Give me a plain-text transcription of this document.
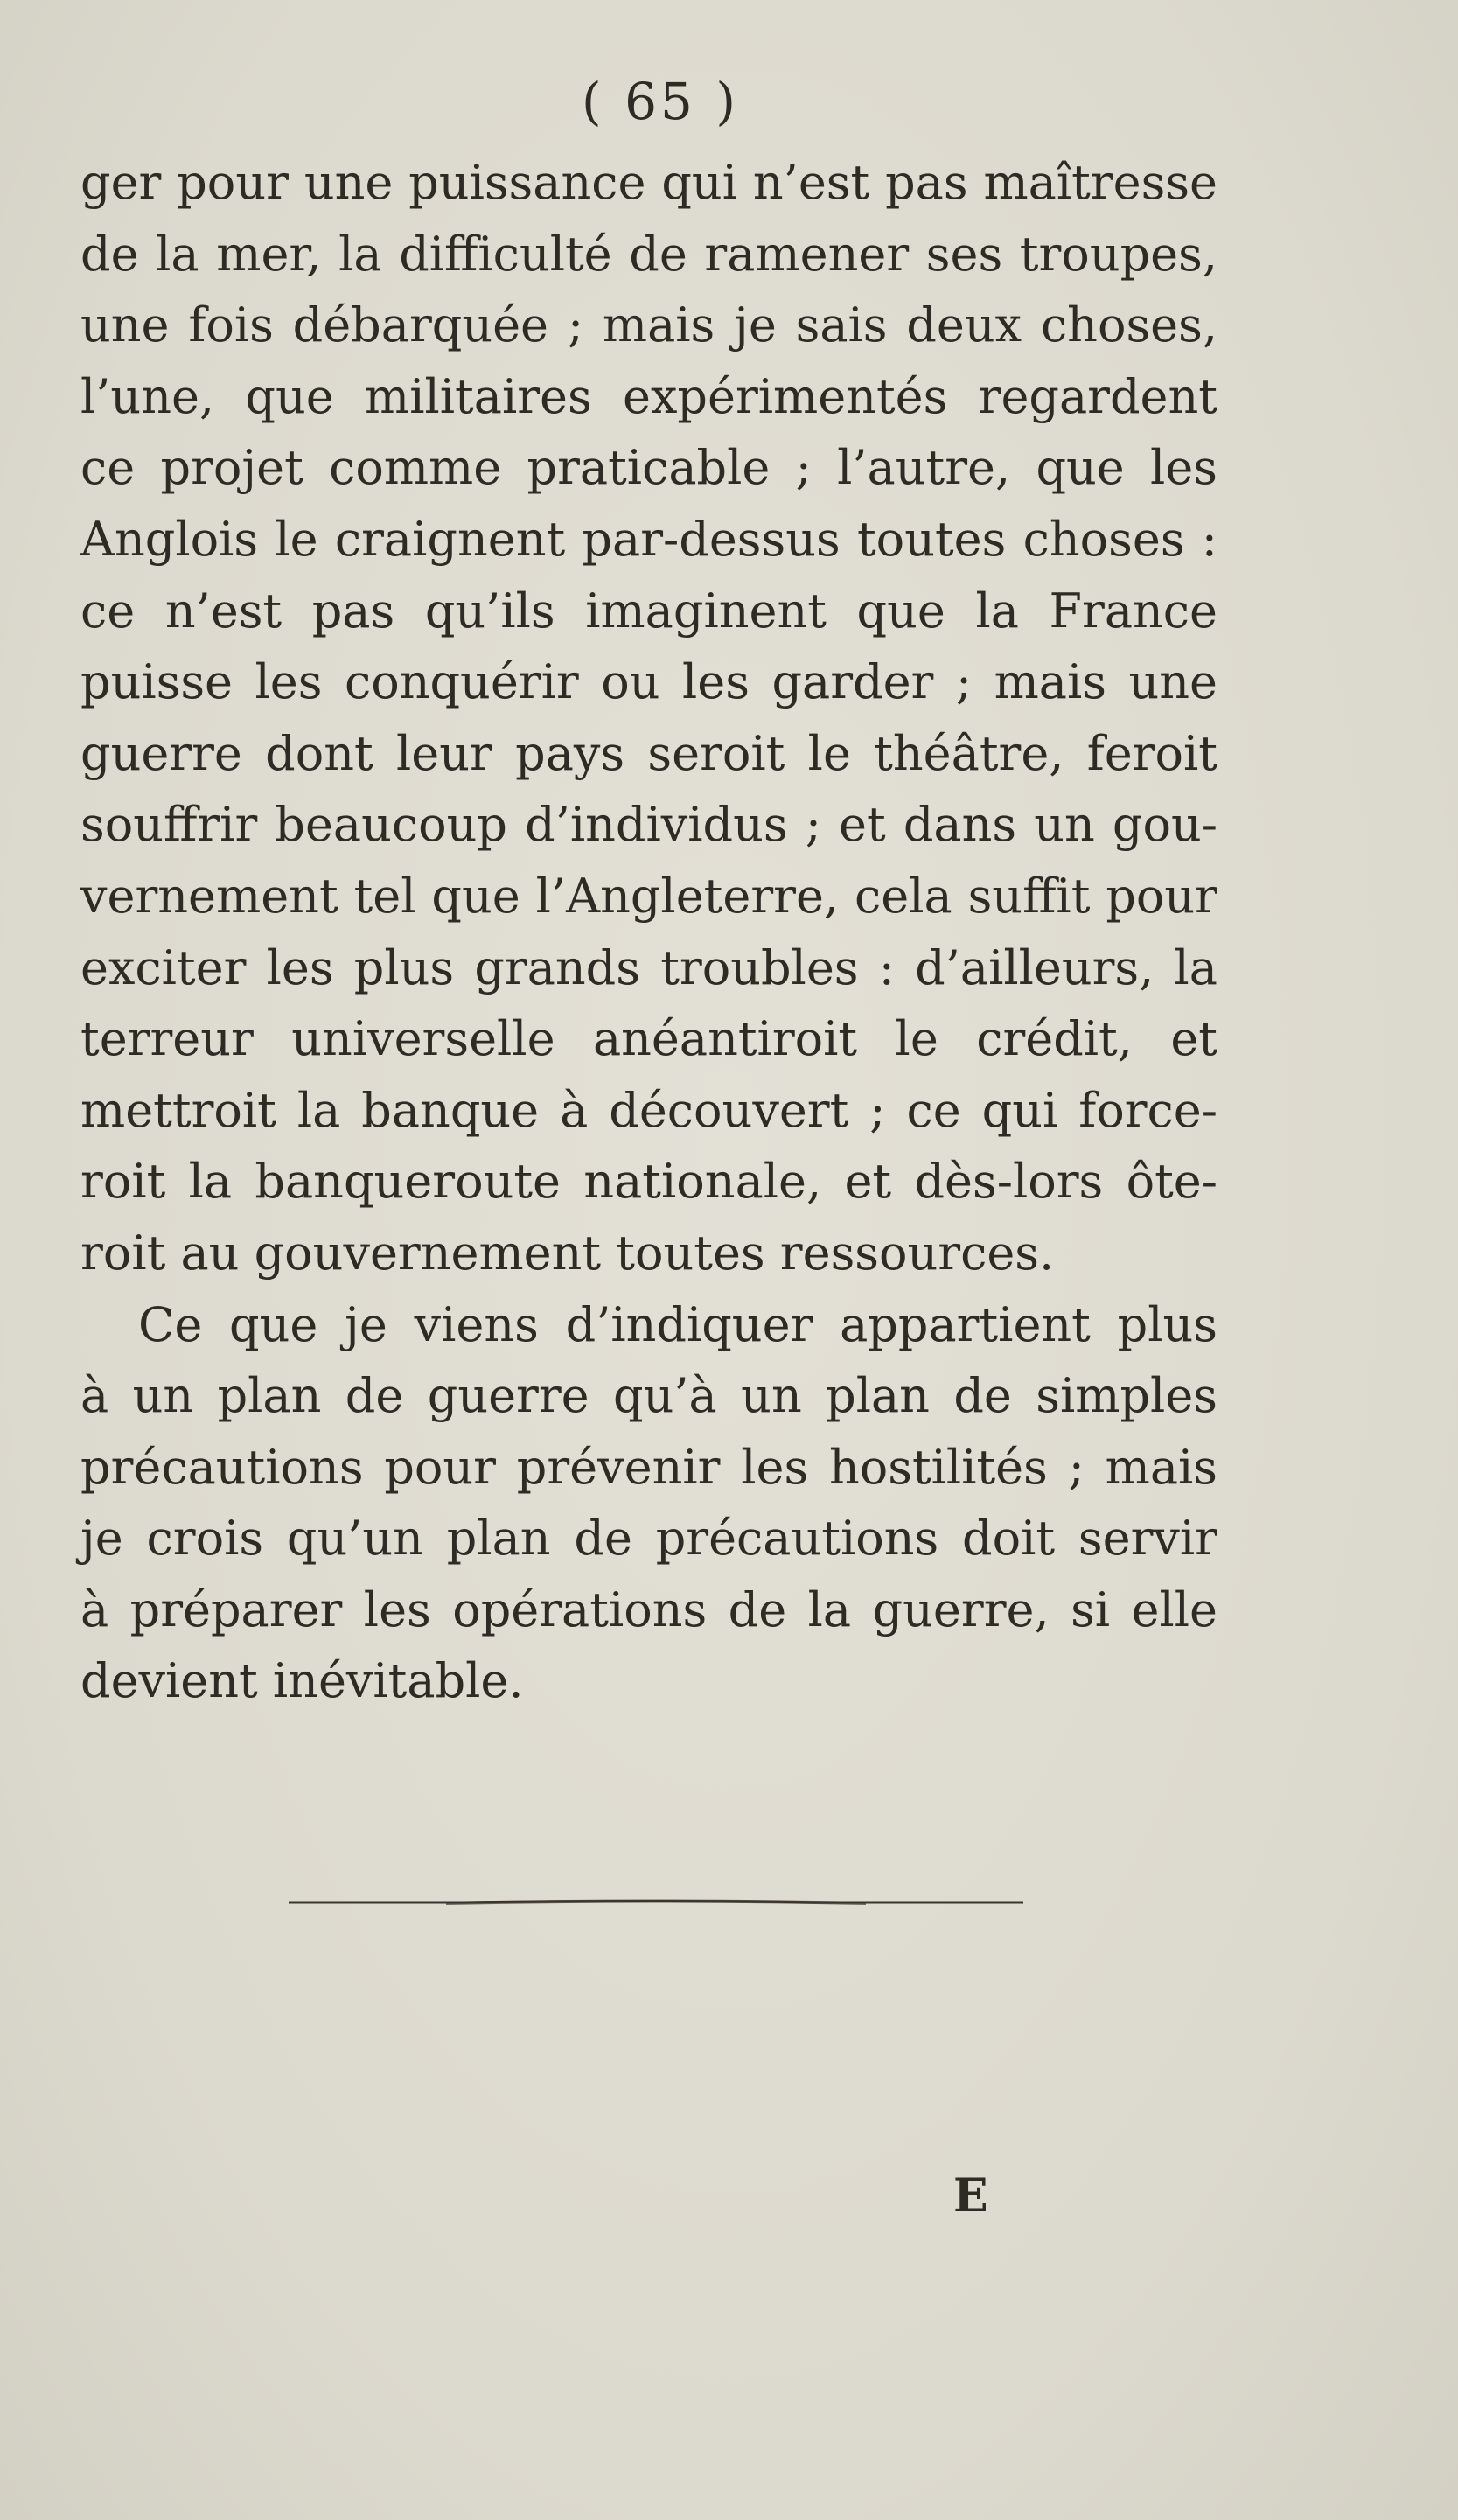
( 65 )
ger pour une puissance qui n’est pas maîtresse
de la mer, la difficulté de ramener ses troupes,
une fois débarquée ; mais je sais deux choses,
l’une, que militaires expérimentés regardent
ce projet comme praticable ; l’autre, que les
Anglois le craignent par-dessus toutes choses :
ce n’est pas qu’ils imaginent que la France
puisse les conquérir ou les garder ; mais une
guerre dont leur pays seroit le théâtre, feroit
souffrir beaucoup d’individus ; et dans un gou-
vernement tel que l’Angleterre, cela suffit pour
exciter les plus grands troubles : d’ailleurs, la
terreur universelle anéantiroit le crédit, et
mettroit la banque à découvert ; ce qui force-
roit la banqueroute nationale, et dès-lors ôte-
roit au gouvernement toutes ressources.
Ce que je viens d’indiquer appartient plus
à un plan de guerre qu’à un plan de simples
précautions pour prévenir les hostilités ; mais
je crois qu’un plan de précautions doit servir
à préparer les opérations de la guerre, si elle
devient inévitable.
E
